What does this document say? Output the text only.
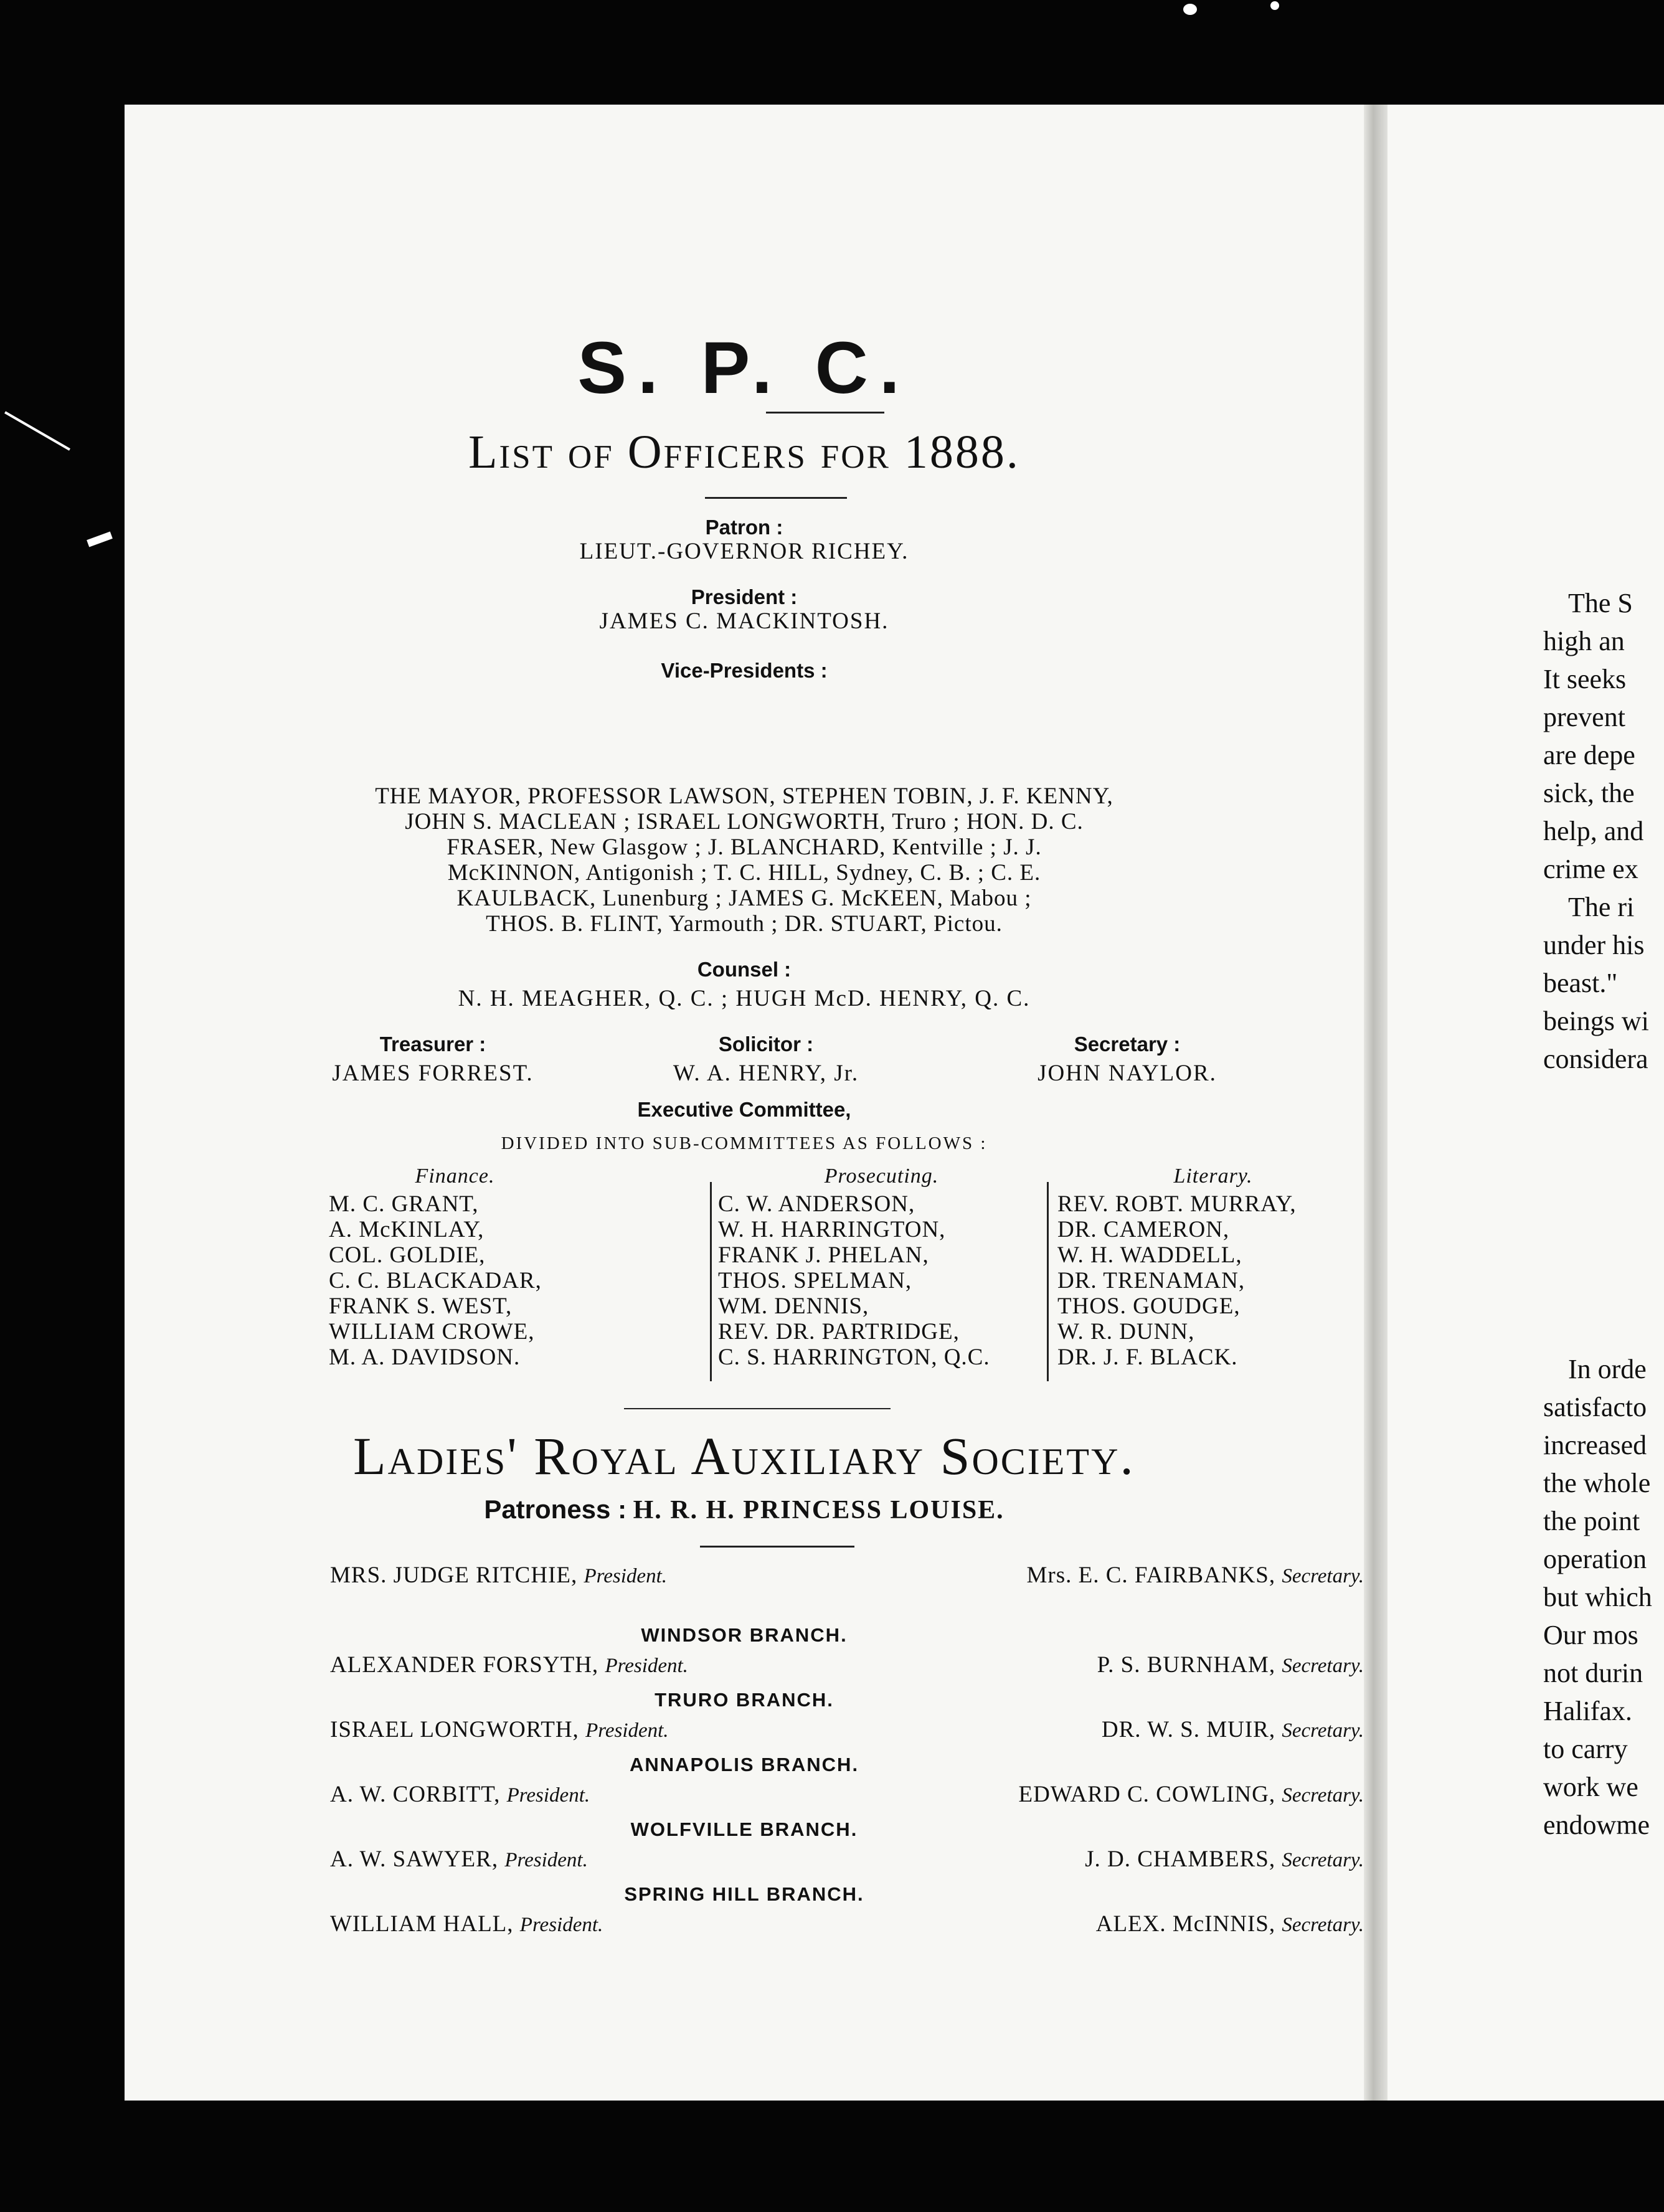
S. P. C.
List of Officers for 1888.
Patron :
LIEUT.-GOVERNOR RICHEY.
President :
JAMES C. MACKINTOSH.
Vice-Presidents :
THE MAYOR, PROFESSOR LAWSON, STEPHEN TOBIN, J. F. KENNY,
JOHN S. MACLEAN ; ISRAEL LONGWORTH, Truro ; HON. D. C.
FRASER, New Glasgow ; J. BLANCHARD, Kentville ; J. J.
McKINNON, Antigonish ; T. C. HILL, Sydney, C. B. ; C. E.
KAULBACK, Lunenburg ; JAMES G. McKEEN, Mabou ;
THOS. B. FLINT, Yarmouth ; DR. STUART, Pictou.
Counsel :
N. H. MEAGHER, Q. C. ; HUGH McD. HENRY, Q. C.
Treasurer :
JAMES FORREST.
Solicitor :
W. A. HENRY, Jr.
Secretary :
JOHN NAYLOR.
Executive Committee,
DIVIDED INTO SUB-COMMITTEES AS FOLLOWS :
Finance.
M. C. GRANT,
A. McKINLAY,
COL. GOLDIE,
C. C. BLACKADAR,
FRANK S. WEST,
WILLIAM CROWE,
M. A. DAVIDSON.
Prosecuting.
C. W. ANDERSON,
W. H. HARRINGTON,
FRANK J. PHELAN,
THOS. SPELMAN,
WM. DENNIS,
REV. DR. PARTRIDGE,
C. S. HARRINGTON, Q.C.
Literary.
REV. ROBT. MURRAY,
DR. CAMERON,
W. H. WADDELL,
DR. TRENAMAN,
THOS. GOUDGE,
W. R. DUNN,
DR. J. F. BLACK.
Ladies' Royal Auxiliary Society.
Patroness : H. R. H. PRINCESS LOUISE.
MRS. JUDGE RITCHIE, President.	Mrs. E. C. FAIRBANKS, Secretary.
WINDSOR BRANCH.
ALEXANDER FORSYTH, President.	P. S. BURNHAM, Secretary.
TRURO BRANCH.
ISRAEL LONGWORTH, President.	DR. W. S. MUIR, Secretary.
ANNAPOLIS BRANCH.
A. W. CORBITT, President.	EDWARD C. COWLING, Secretary.
WOLFVILLE BRANCH.
A. W. SAWYER, President.	J. D. CHAMBERS, Secretary.
SPRING HILL BRANCH.
WILLIAM HALL, President.	ALEX. McINNIS, Secretary.
The S
high an
It seeks
prevent
are depe
sick, the
help, and
crime ex
The ri
under his
beast."
beings wi
considera
In orde
satisfacto
increased
the whole
the point
operation
but which
Our mos
not durin
Halifax.
to carry
work we
endowme
